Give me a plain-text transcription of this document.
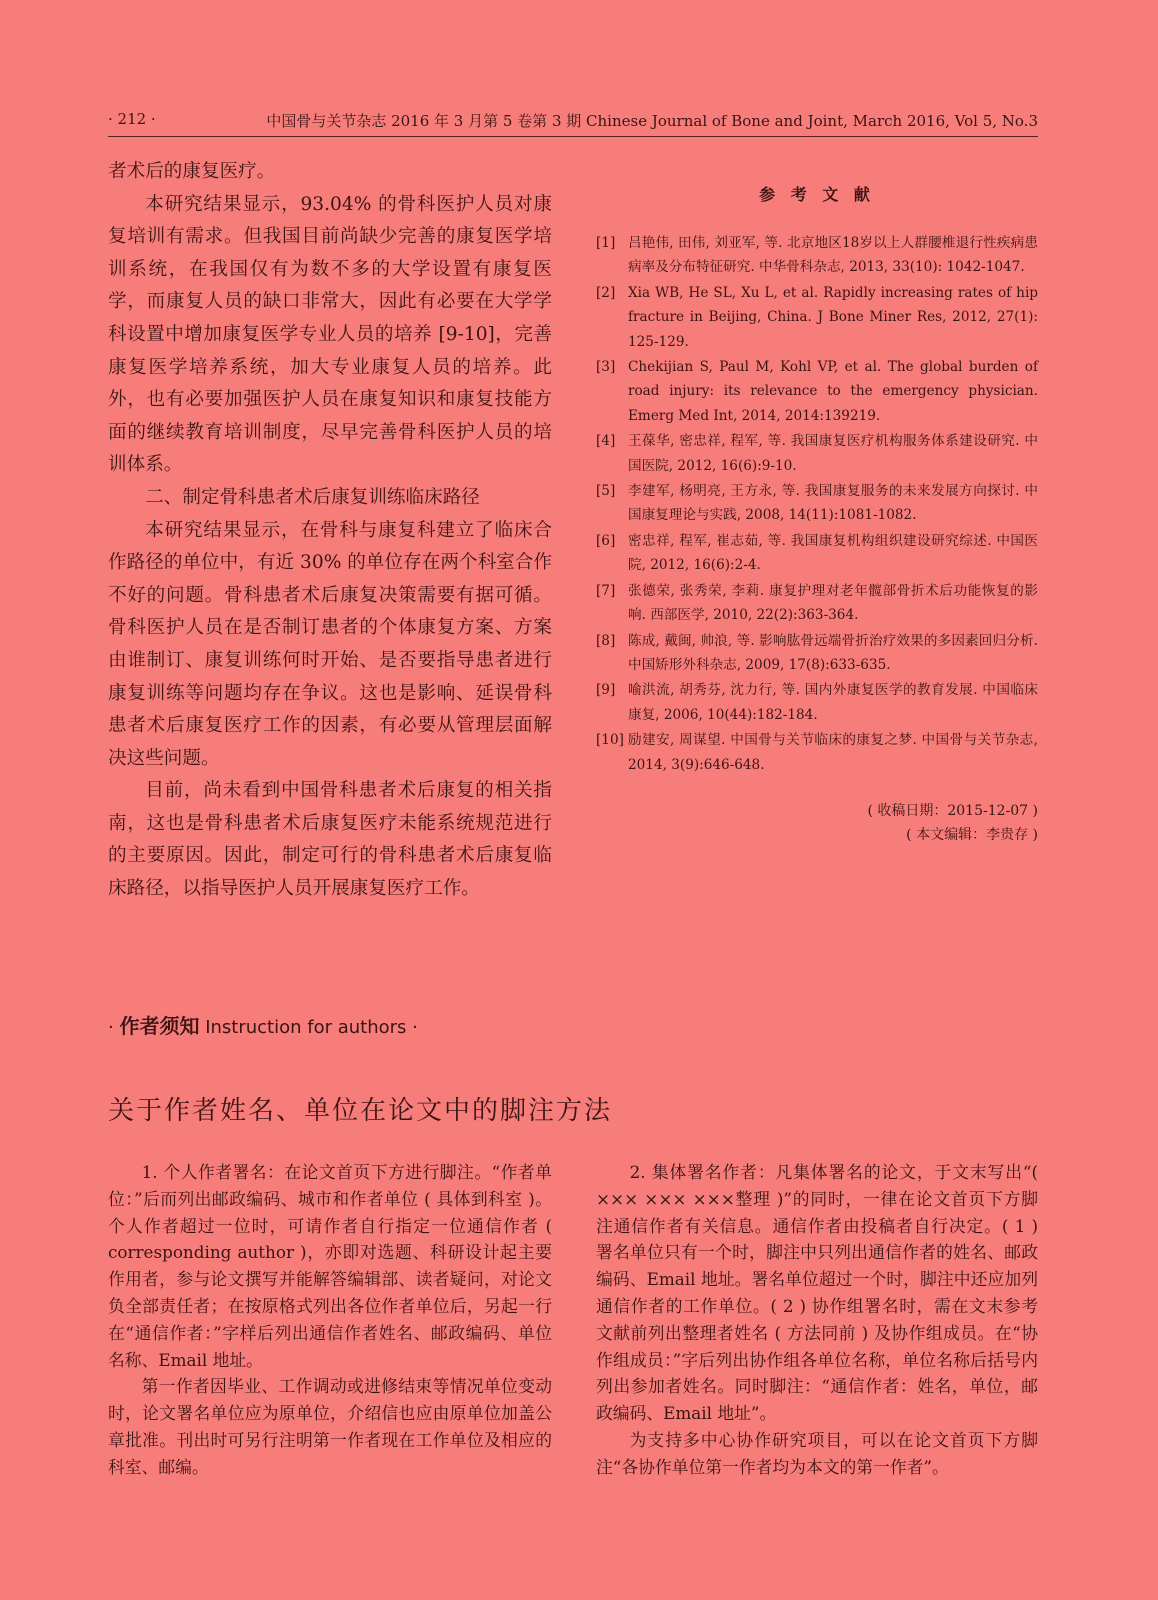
· 212 ·	中国骨与关节杂志 2016 年 3 月第 5 卷第 3 期 Chinese Journal of Bone and Joint, March 2016, Vol 5, No.3

者术后的康复医疗。

本研究结果显示，93.04% 的骨科医护人员对康复培训有需求。但我国目前尚缺少完善的康复医学培训系统，在我国仅有为数不多的大学设置有康复医学，而康复人员的缺口非常大，因此有必要在大学学科设置中增加康复医学专业人员的培养 [9-10]，完善康复医学培养系统，加大专业康复人员的培养。此外，也有必要加强医护人员在康复知识和康复技能方面的继续教育培训制度，尽早完善骨科医护人员的培训体系。

二、制定骨科患者术后康复训练临床路径

本研究结果显示，在骨科与康复科建立了临床合作路径的单位中，有近 30% 的单位存在两个科室合作不好的问题。骨科患者术后康复决策需要有据可循。骨科医护人员在是否制订患者的个体康复方案、方案由谁制订、康复训练何时开始、是否要指导患者进行康复训练等问题均存在争议。这也是影响、延误骨科患者术后康复医疗工作的因素，有必要从管理层面解决这些问题。

目前，尚未看到中国骨科患者术后康复的相关指南，这也是骨科患者术后康复医疗未能系统规范进行的主要原因。因此，制定可行的骨科患者术后康复临床路径，以指导医护人员开展康复医疗工作。

参 考 文 献
[1] 吕艳伟, 田伟, 刘亚军, 等. 北京地区18岁以上人群腰椎退行性疾病患病率及分布特征研究. 中华骨科杂志, 2013, 33(10): 1042-1047.
[2] Xia WB, He SL, Xu L, et al. Rapidly increasing rates of hip fracture in Beijing, China. J Bone Miner Res, 2012, 27(1): 125-129.
[3] Chekijian S, Paul M, Kohl VP, et al. The global burden of road injury: its relevance to the emergency physician. Emerg Med Int, 2014, 2014:139219.
[4] 王葆华, 密忠祥, 程军, 等. 我国康复医疗机构服务体系建设研究. 中国医院, 2012, 16(6):9-10.
[5] 李建军, 杨明亮, 王方永, 等. 我国康复服务的未来发展方向探讨. 中国康复理论与实践, 2008, 14(11):1081-1082.
[6] 密忠祥, 程军, 崔志茹, 等. 我国康复机构组织建设研究综述. 中国医院, 2012, 16(6):2-4.
[7] 张德荣, 张秀荣, 李莉. 康复护理对老年髋部骨折术后功能恢复的影响. 西部医学, 2010, 22(2):363-364.
[8] 陈成, 戴闽, 帅浪, 等. 影响肱骨远端骨折治疗效果的多因素回归分析. 中国矫形外科杂志, 2009, 17(8):633-635.
[9] 喻洪流, 胡秀芬, 沈力行, 等. 国内外康复医学的教育发展. 中国临床康复, 2006, 10(44):182-184.
[10] 励建安, 周谋望. 中国骨与关节临床的康复之梦. 中国骨与关节杂志, 2014, 3(9):646-648.
( 收稿日期：2015-12-07 )
( 本文编辑：李贵存 )
· 作者须知 Instruction for authors ·
关于作者姓名、单位在论文中的脚注方法

1. 个人作者署名：在论文首页下方进行脚注。“作者单位：”后而列出邮政编码、城市和作者单位 ( 具体到科室 )。个人作者超过一位时，可请作者自行指定一位通信作者 ( corresponding author )，亦即对选题、科研设计起主要作用者，参与论文撰写并能解答编辑部、读者疑问，对论文负全部责任者；在按原格式列出各位作者单位后，另起一行在“通信作者：”字样后列出通信作者姓名、邮政编码、单位名称、Email 地址。

第一作者因毕业、工作调动或进修结束等情况单位变动时，论文署名单位应为原单位，介绍信也应由原单位加盖公章批准。刊出时可另行注明第一作者现在工作单位及相应的科室、邮编。

2. 集体署名作者：凡集体署名的论文，于文末写出“( ××× ××× ×××整理 )”的同时，一律在论文首页下方脚注通信作者有关信息。通信作者由投稿者自行决定。( 1 ) 署名单位只有一个时，脚注中只列出通信作者的姓名、邮政编码、Email 地址。署名单位超过一个时，脚注中还应加列通信作者的工作单位。( 2 ) 协作组署名时，需在文末参考文献前列出整理者姓名 ( 方法同前 ) 及协作组成员。在“协作组成员：”字后列出协作组各单位名称，单位名称后括号内列出参加者姓名。同时脚注：“通信作者：姓名，单位，邮政编码、Email 地址”。

为支持多中心协作研究项目，可以在论文首页下方脚注“各协作单位第一作者均为本文的第一作者”。
